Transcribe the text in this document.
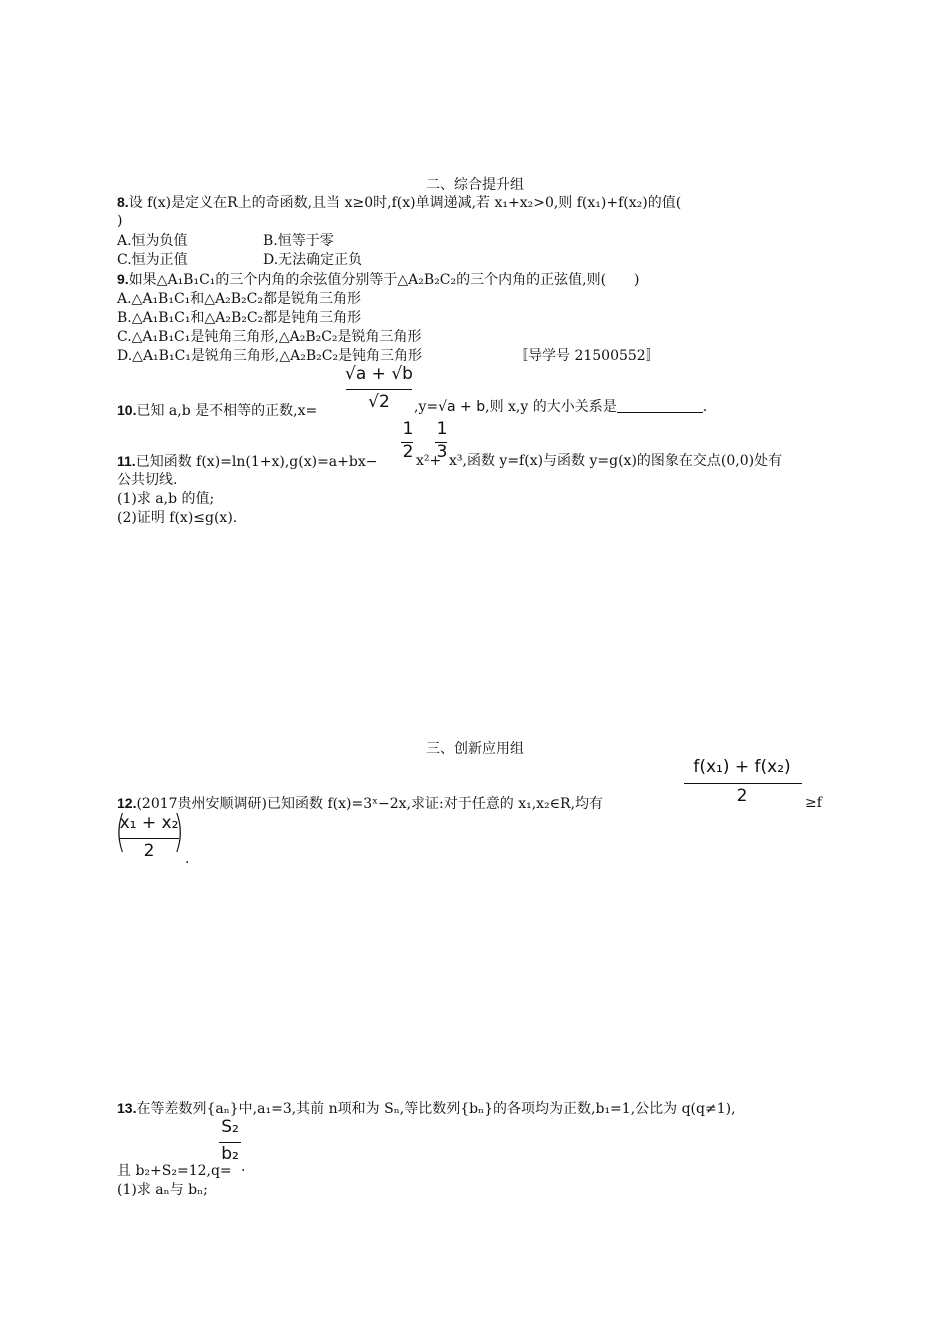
二、综合提升组
8.设 f(x)是定义在R上的奇函数,且当 x≥0时,f(x)单调递减,若 x₁+x₂>0,则 f(x₁)+f(x₂)的值(
)
A.恒为负值	B.恒等于零
C.恒为正值	D.无法确定正负
9.如果△A₁B₁C₁的三个内角的余弦值分别等于△A₂B₂C₂的三个内角的正弦值,则(　　)
A.△A₁B₁C₁和△A₂B₂C₂都是锐角三角形
B.△A₁B₁C₁和△A₂B₂C₂都是钝角三角形
C.△A₁B₁C₁是钝角三角形,△A₂B₂C₂是锐角三角形
D.△A₁B₁C₁是锐角三角形,△A₂B₂C₂是钝角三角形	〚导学号 21500552〛
√a + √b
√2
10.已知 a,b 是不相等的正数,x=	,y=√a + b,则 x,y 的大小关系是	.
1
2
1
3
11.已知函数 f(x)=ln(1+x),g(x)=a+bx−	x²+ x³,函数 y=f(x)与函数 y=g(x)的图象在交点(0,0)处有
公共切线.
(1)求 a,b 的值;
(2)证明 f(x)≤g(x).
三、创新应用组
f(x₁) + f(x₂)
2
12.(2017贵州安顺调研)已知函数 f(x)=3ˣ−2x,求证:对于任意的 x₁,x₂∈R,均有	≥f
(
x₁ + x₂
2 )
.
13.在等差数列{aₙ}中,a₁=3,其前 n项和为 Sₙ,等比数列{bₙ}的各项均为正数,b₁=1,公比为 q(q≠1),
S₂
b₂
且 b₂+S₂=12,q= .
(1)求 aₙ与 bₙ;
